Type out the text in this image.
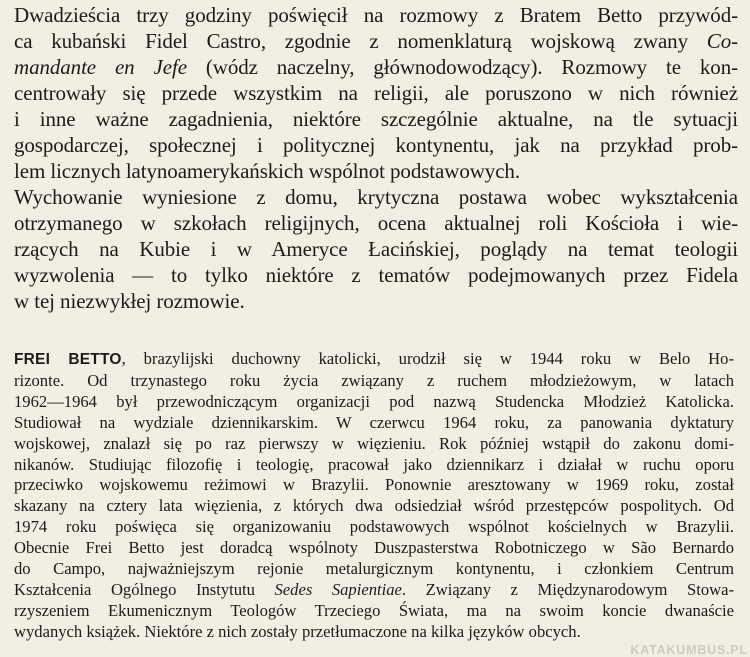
Dwadzieścia trzy godziny poświęcił na rozmowy z Bratem Betto przywód-
ca kubański Fidel Castro, zgodnie z nomenklaturą wojskową zwany Co-
mandante en Jefe (wódz naczelny, głównodowodzący). Rozmowy te kon-
centrowały się przede wszystkim na religii, ale poruszono w nich również
i inne ważne zagadnienia, niektóre szczególnie aktualne, na tle sytuacji
gospodarczej, społecznej i politycznej kontynentu, jak na przykład prob-
lem licznych latynoamerykańskich wspólnot podstawowych.
Wychowanie wyniesione z domu, krytyczna postawa wobec wykształcenia
otrzymanego w szkołach religijnych, ocena aktualnej roli Kościoła i wie-
rzących na Kubie i w Ameryce Łacińskiej, poglądy na temat teologii
wyzwolenia — to tylko niektóre z tematów podejmowanych przez Fidela
w tej niezwykłej rozmowie.
FREI BETTO, brazylijski duchowny katolicki, urodził się w 1944 roku w Belo Ho-
rizonte. Od trzynastego roku życia związany z ruchem młodzieżowym, w latach
1962—1964 był przewodniczącym organizacji pod nazwą Studencka Młodzież Katolicka.
Studiował na wydziale dziennikarskim. W czerwcu 1964 roku, za panowania dyktatury
wojskowej, znalazł się po raz pierwszy w więzieniu. Rok później wstąpił do zakonu domi-
nikanów. Studiując filozofię i teologię, pracował jako dziennikarz i działał w ruchu oporu
przeciwko wojskowemu reżimowi w Brazylii. Ponownie aresztowany w 1969 roku, został
skazany na cztery lata więzienia, z których dwa odsiedział wśród przestępców pospolitych. Od
1974 roku poświęca się organizowaniu podstawowych wspólnot kościelnych w Brazylii.
Obecnie Frei Betto jest doradcą wspólnoty Duszpasterstwa Robotniczego w São Bernardo
do Campo, najważniejszym rejonie metalurgicznym kontynentu, i członkiem Centrum
Kształcenia Ogólnego Instytutu Sedes Sapientiae. Związany z Międzynarodowym Stowa-
rzyszeniem Ekumenicznym Teologów Trzeciego Świata, ma na swoim koncie dwanaście
wydanych książek. Niektóre z nich zostały przetłumaczone na kilka języków obcych.
KATAKUMBUS.PL
